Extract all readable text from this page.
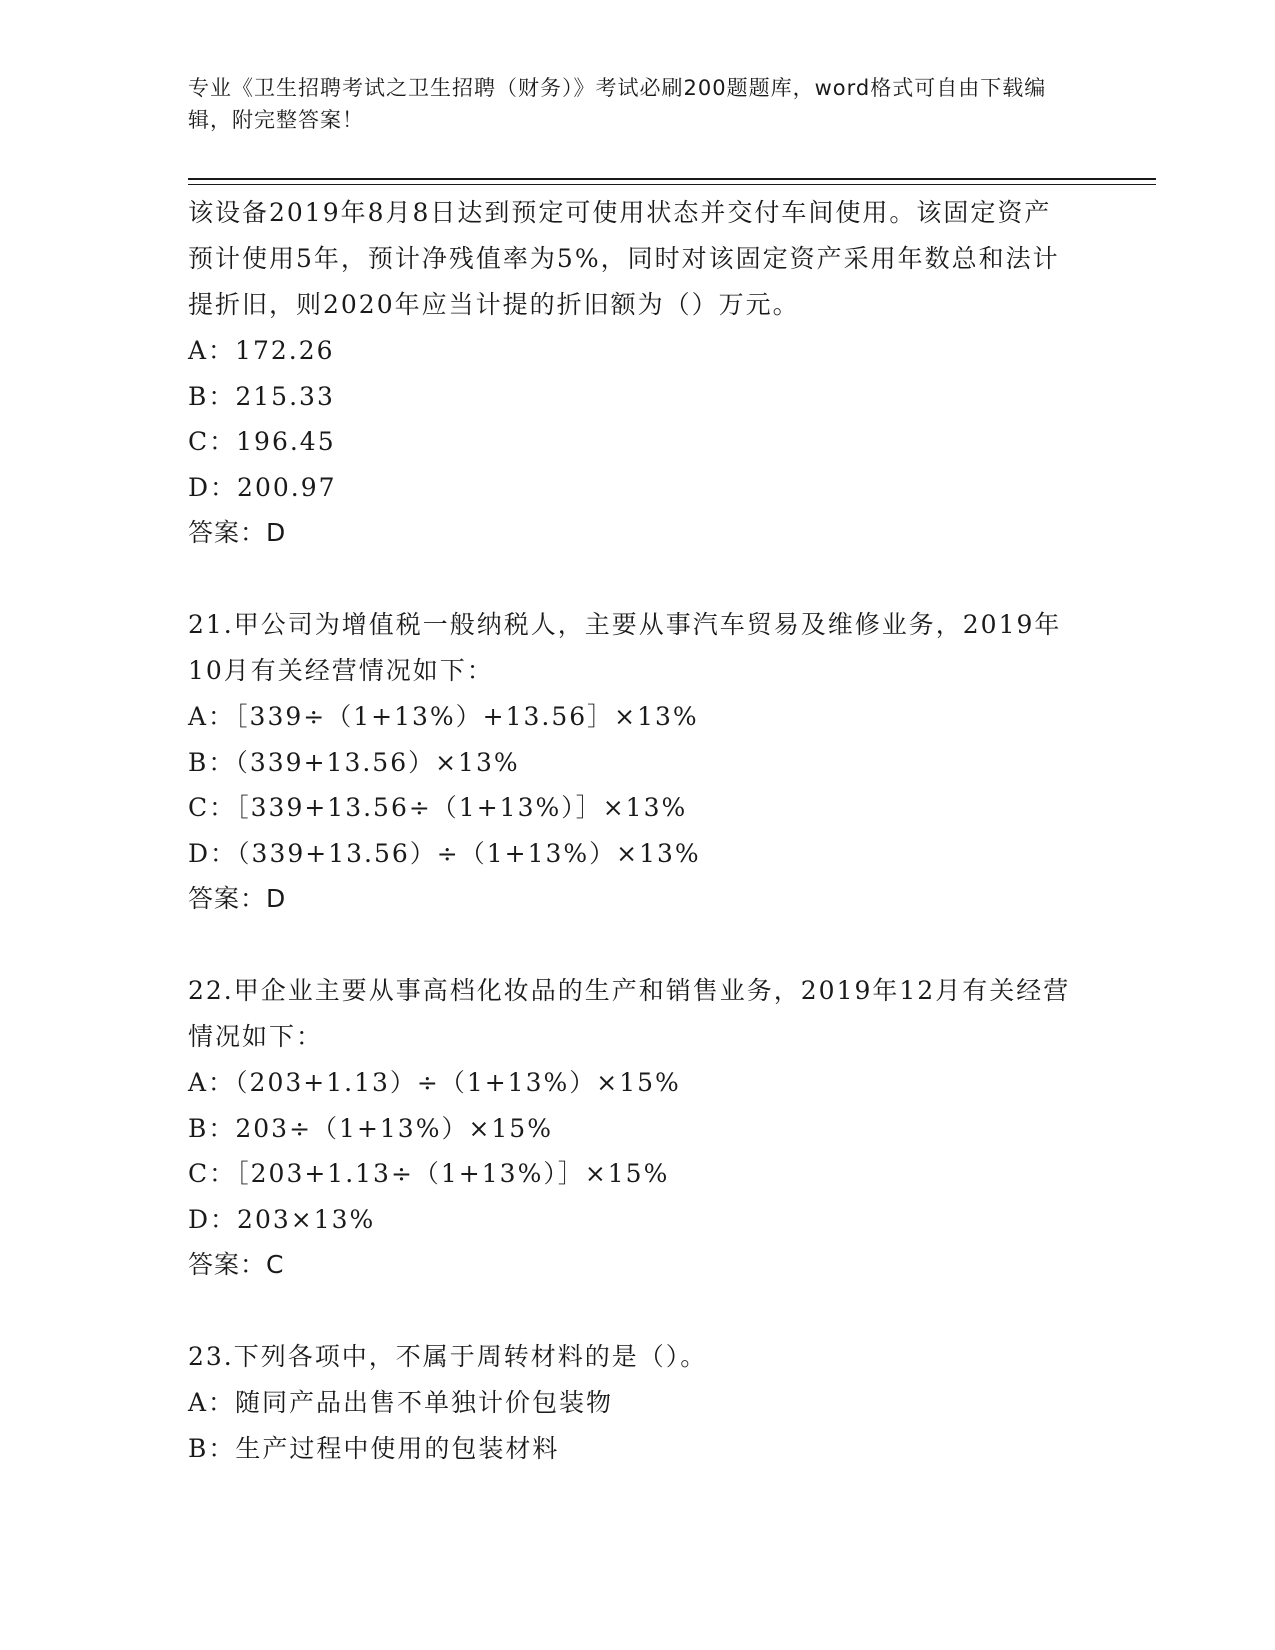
专业《卫生招聘考试之卫生招聘（财务）》考试必刷200题题库，word格式可自由下载编辑，附完整答案！

该设备2019年8月8日达到预定可使用状态并交付车间使用。该固定资产预计使用5年，预计净残值率为5%，同时对该固定资产采用年数总和法计提折旧，则2020年应当计提的折旧额为（）万元。

A：172.26

B：215.33

C：196.45

D：200.97

答案：D

21.甲公司为增值税一般纳税人，主要从事汽车贸易及维修业务，2019年10月有关经营情况如下：

A：［339÷（1+13%）+13.56］×13%

B：（339+13.56）×13%

C：［339+13.56÷（1+13%）］×13%

D：（339+13.56）÷（1+13%）×13%

答案：D

22.甲企业主要从事高档化妆品的生产和销售业务，2019年12月有关经营情况如下：

A：（203+1.13）÷（1+13%）×15%

B：203÷（1+13%）×15%

C：［203+1.13÷（1+13%）］×15%

D：203×13%

答案：C

23.下列各项中，不属于周转材料的是（）。

A：随同产品出售不单独计价包装物

B：生产过程中使用的包装材料
